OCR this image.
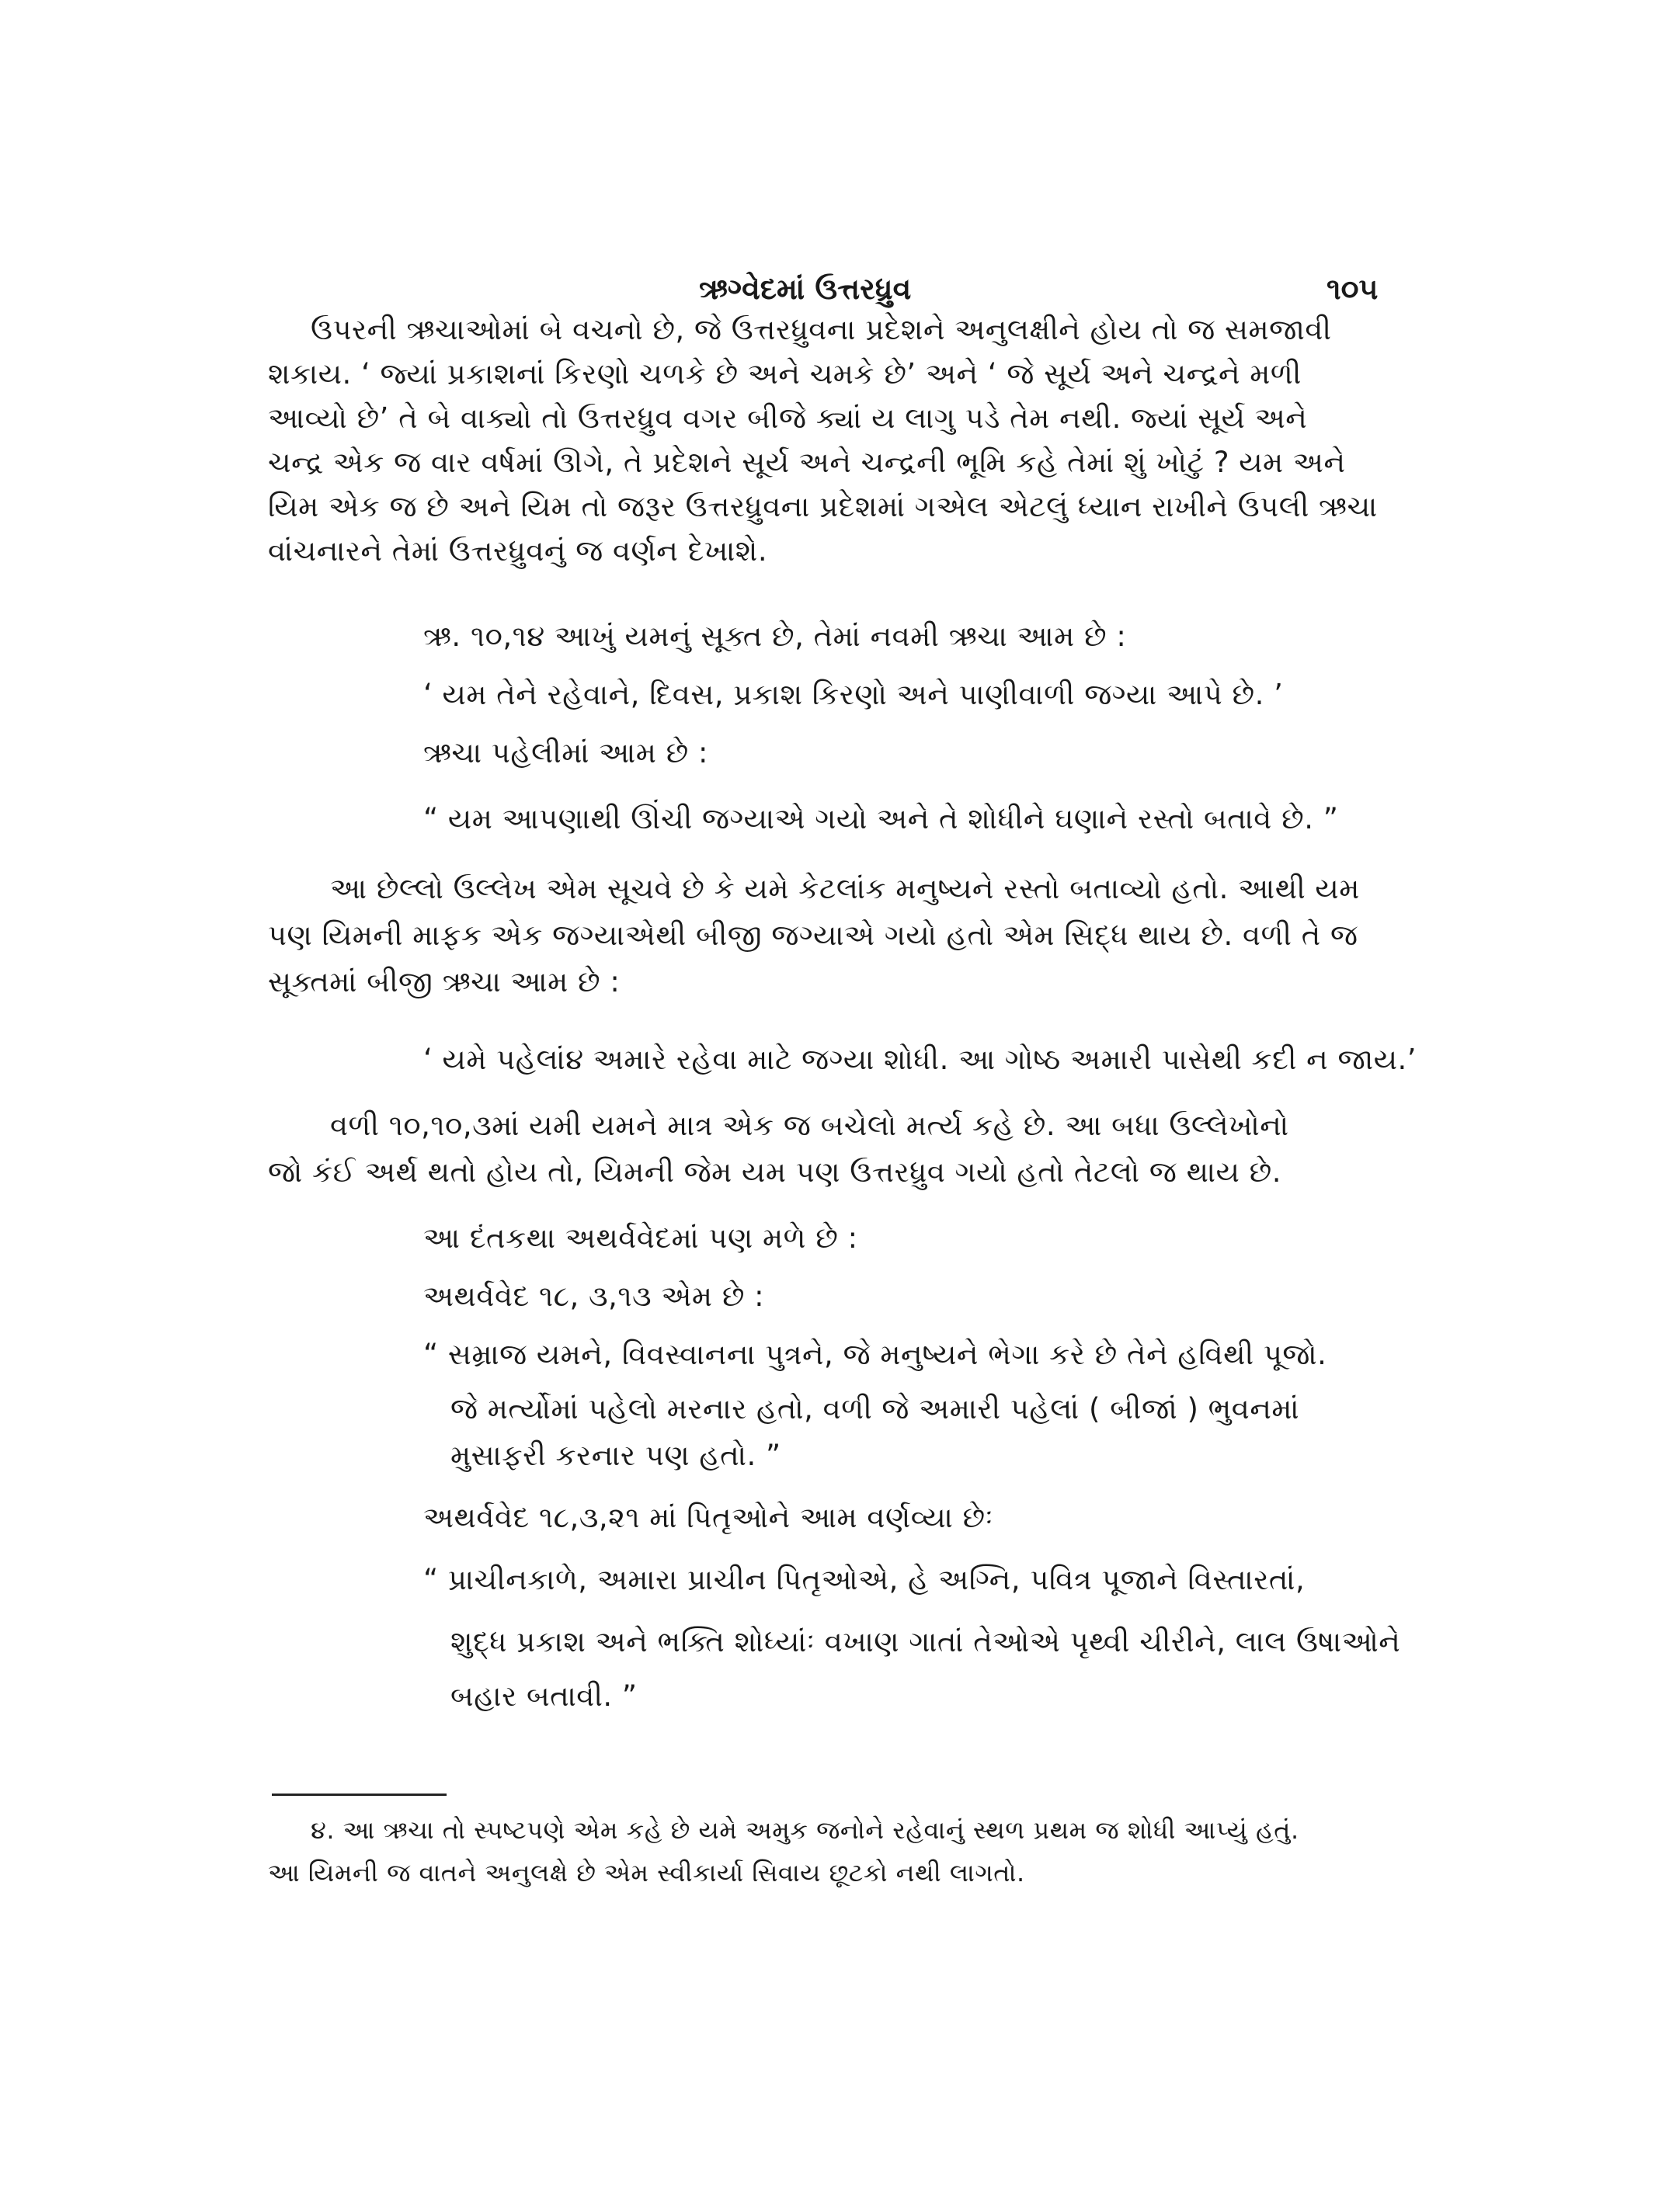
ઋગ્વેદમાં ઉત્તરધ્રુવ	૧૦૫
ઉપરની ઋચાઓમાં બે વચનો છે, જે ઉત્તરધ્રુવના પ્રદેશને અનુલક્ષીને હોય તો જ સમજાવી
શકાય. ‘ જ્યાં પ્રકાશનાં કિરણો ચળકે છે અને ચમકે છે’ અને ‘ જે સૂર્ય અને ચન્દ્રને મળી
આવ્યો છે’ તે બે વાક્યો તો ઉત્તરધ્રુવ વગર બીજે ક્યાં ય લાગુ પડે તેમ નથી. જ્યાં સૂર્ય અને
ચન્દ્ર એક જ વાર વર્ષમાં ઊગે, તે પ્રદેશને સૂર્ય અને ચન્દ્રની ભૂમિ કહે તેમાં શું ખોટું ? યમ અને
યિમ એક જ છે અને યિમ તો જરૂર ઉત્તરધ્રુવના પ્રદેશમાં ગએલ એટલું ધ્યાન રાખીને ઉપલી ઋચા
વાંચનારને તેમાં ઉત્તરધ્રુવનું જ વર્ણન દેખાશે.
ઋ. ૧૦,૧૪ આખું યમનું સૂક્ત છે, તેમાં નવમી ઋચા આમ છે :
‘ યમ તેને રહેવાને, દિવસ, પ્રકાશ કિરણો અને પાણીવાળી જગ્યા આપે છે. ’
ઋચા પહેલીમાં આમ છે :
“ યમ આપણાથી ઊંચી જગ્યાએ ગયો અને તે શોધીને ઘણાને રસ્તો બતાવે છે. ”
આ છેલ્લો ઉલ્લેખ એમ સૂચવે છે કે યમે કેટલાંક મનુષ્યને રસ્તો બતાવ્યો હતો. આથી યમ
પણ યિમની માફક એક જગ્યાએથી બીજી જગ્યાએ ગયો હતો એમ સિદ્ધ થાય છે. વળી તે જ
સૂક્તમાં બીજી ઋચા આમ છે :
‘ યમે પહેલાં૪ અમારે રહેવા માટે જગ્યા શોધી. આ ગોષ્ઠ અમારી પાસેથી કદી ન જાય.’
વળી ૧૦,૧૦,૩માં યમી યમને માત્ર એક જ બચેલો મર્ત્ય કહે છે. આ બધા ઉલ્લેખોનો
જો કંઈ અર્થ થતો હોય તો, યિમની જેમ યમ પણ ઉત્તરધ્રુવ ગયો હતો તેટલો જ થાય છે.
આ દંતકથા અથર્વવેદમાં પણ મળે છે :
અથર્વવેદ ૧૮, ૩,૧૩ એમ છે :
“ સમ્રાજ યમને, વિવસ્વાનના પુત્રને, જે મનુષ્યને ભેગા કરે છે તેને હવિથી પૂજો.
જે મર્ત્યોમાં પહેલો મરનાર હતો, વળી જે અમારી પહેલાં ( બીજાં ) ભુવનમાં
મુસાફરી કરનાર પણ હતો. ”
અથર્વવેદ ૧૮,૩,૨૧ માં પિતૃઓને આમ વર્ણવ્યા છેઃ
“ પ્રાચીનકાળે, અમારા પ્રાચીન પિતૃઓએ, હે અગ્નિ, પવિત્ર પૂજાને વિસ્તારતાં,
શુદ્ધ પ્રકાશ અને ભક્તિ શોધ્યાંઃ વખાણ ગાતાં તેઓએ પૃથ્વી ચીરીને, લાલ ઉષાઓને
બહાર બતાવી. ”
૪. આ ઋચા તો સ્પષ્ટપણે એમ કહે છે યમે અમુક જનોને રહેવાનું સ્થળ પ્રથમ જ શોધી આપ્યું હતું.
આ યિમની જ વાતને અનુલક્ષે છે એમ સ્વીકાર્યા સિવાય છૂટકો નથી લાગતો.
